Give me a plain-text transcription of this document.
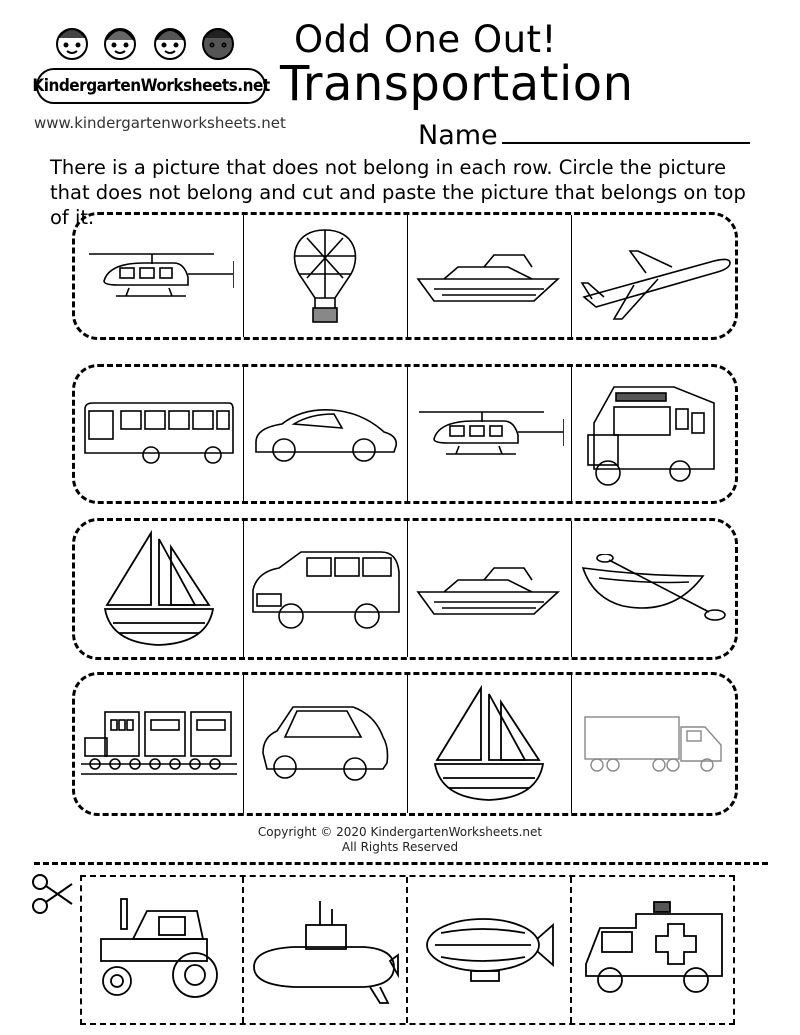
KindergartenWorksheets.net
www.kindergartenworksheets.net
Odd One Out!
Transportation
Name
There is a picture that does not belong in each row. Circle the picture that does not belong and cut and paste the picture that belongs on top of it.
Copyright © 2020 KindergartenWorksheets.net
All Rights Reserved
